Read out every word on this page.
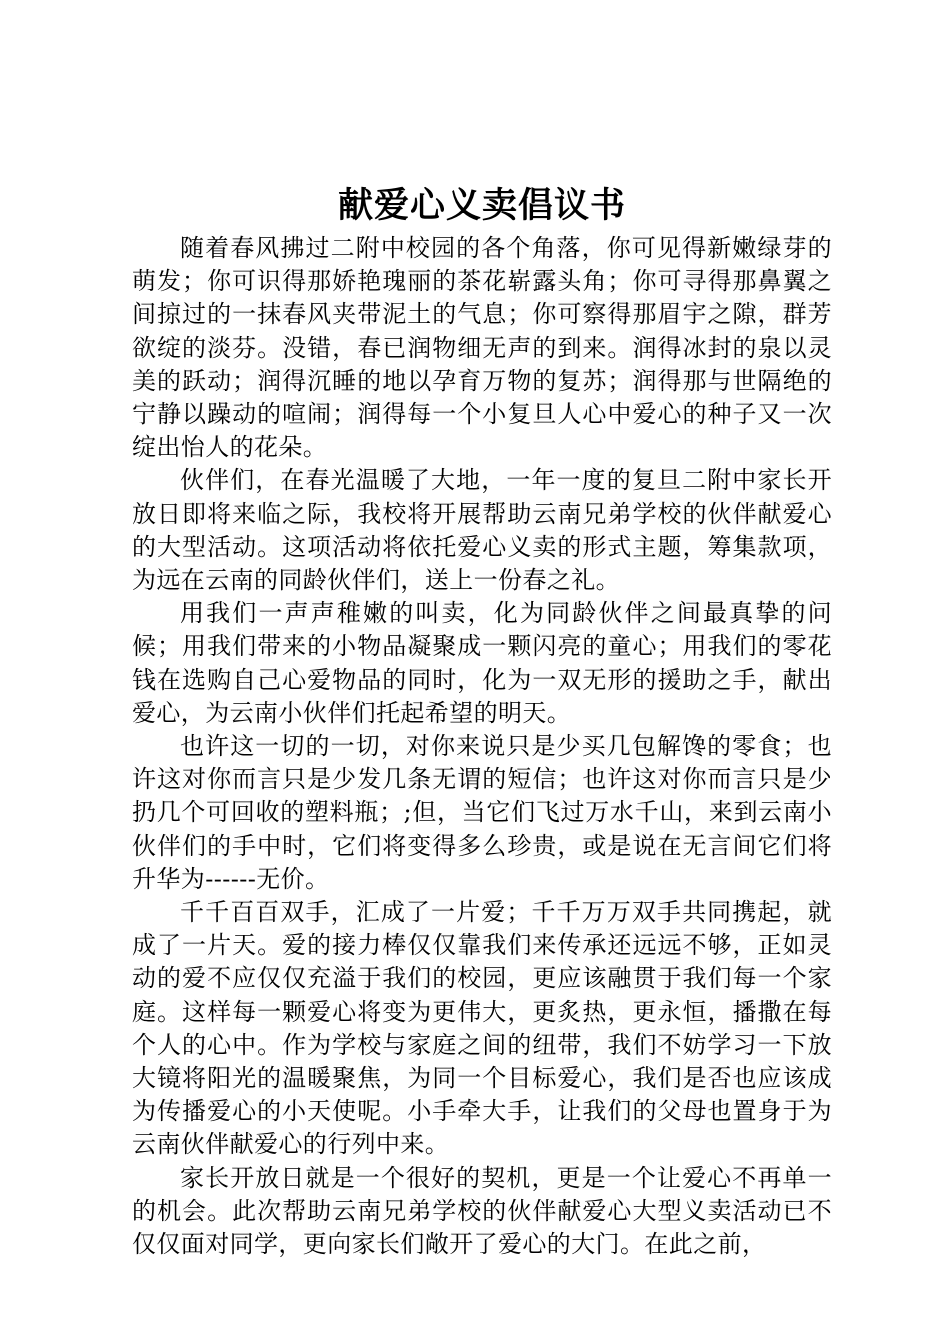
献爱心义卖倡议书

随着春风拂过二附中校园的各个角落，你可见得新嫩绿芽的萌发；你可识得那娇艳瑰丽的茶花崭露头角；你可寻得那鼻翼之间掠过的一抹春风夹带泥土的气息；你可察得那眉宇之隙，群芳欲绽的淡芬。没错，春已润物细无声的到来。润得冰封的泉以灵美的跃动；润得沉睡的地以孕育万物的复苏；润得那与世隔绝的宁静以躁动的喧闹；润得每一个小复旦人心中爱心的种子又一次绽出怡人的花朵。

伙伴们，在春光温暖了大地，一年一度的复旦二附中家长开放日即将来临之际，我校将开展帮助云南兄弟学校的伙伴献爱心的大型活动。这项活动将依托爱心义卖的形式主题，筹集款项，为远在云南的同龄伙伴们，送上一份春之礼。

用我们一声声稚嫩的叫卖，化为同龄伙伴之间最真挚的问候；用我们带来的小物品凝聚成一颗闪亮的童心；用我们的零花钱在选购自己心爱物品的同时，化为一双无形的援助之手，献出爱心，为云南小伙伴们托起希望的明天。

也许这一切的一切，对你来说只是少买几包解馋的零食；也许这对你而言只是少发几条无谓的短信；也许这对你而言只是少扔几个可回收的塑料瓶；;但，当它们飞过万水千山，来到云南小伙伴们的手中时，它们将变得多么珍贵，或是说在无言间它们将升华为------无价。

千千百百双手，汇成了一片爱；千千万万双手共同携起，就成了一片天。爱的接力棒仅仅靠我们来传承还远远不够，正如灵动的爱不应仅仅充溢于我们的校园，更应该融贯于我们每一个家庭。这样每一颗爱心将变为更伟大，更炙热，更永恒，播撒在每个人的心中。作为学校与家庭之间的纽带，我们不妨学习一下放大镜将阳光的温暖聚焦，为同一个目标爱心，我们是否也应该成为传播爱心的小天使呢。小手牵大手，让我们的父母也置身于为云南伙伴献爱心的行列中来。

家长开放日就是一个很好的契机，更是一个让爱心不再单一的机会。此次帮助云南兄弟学校的伙伴献爱心大型义卖活动已不仅仅面对同学，更向家长们敞开了爱心的大门。在此之前，
